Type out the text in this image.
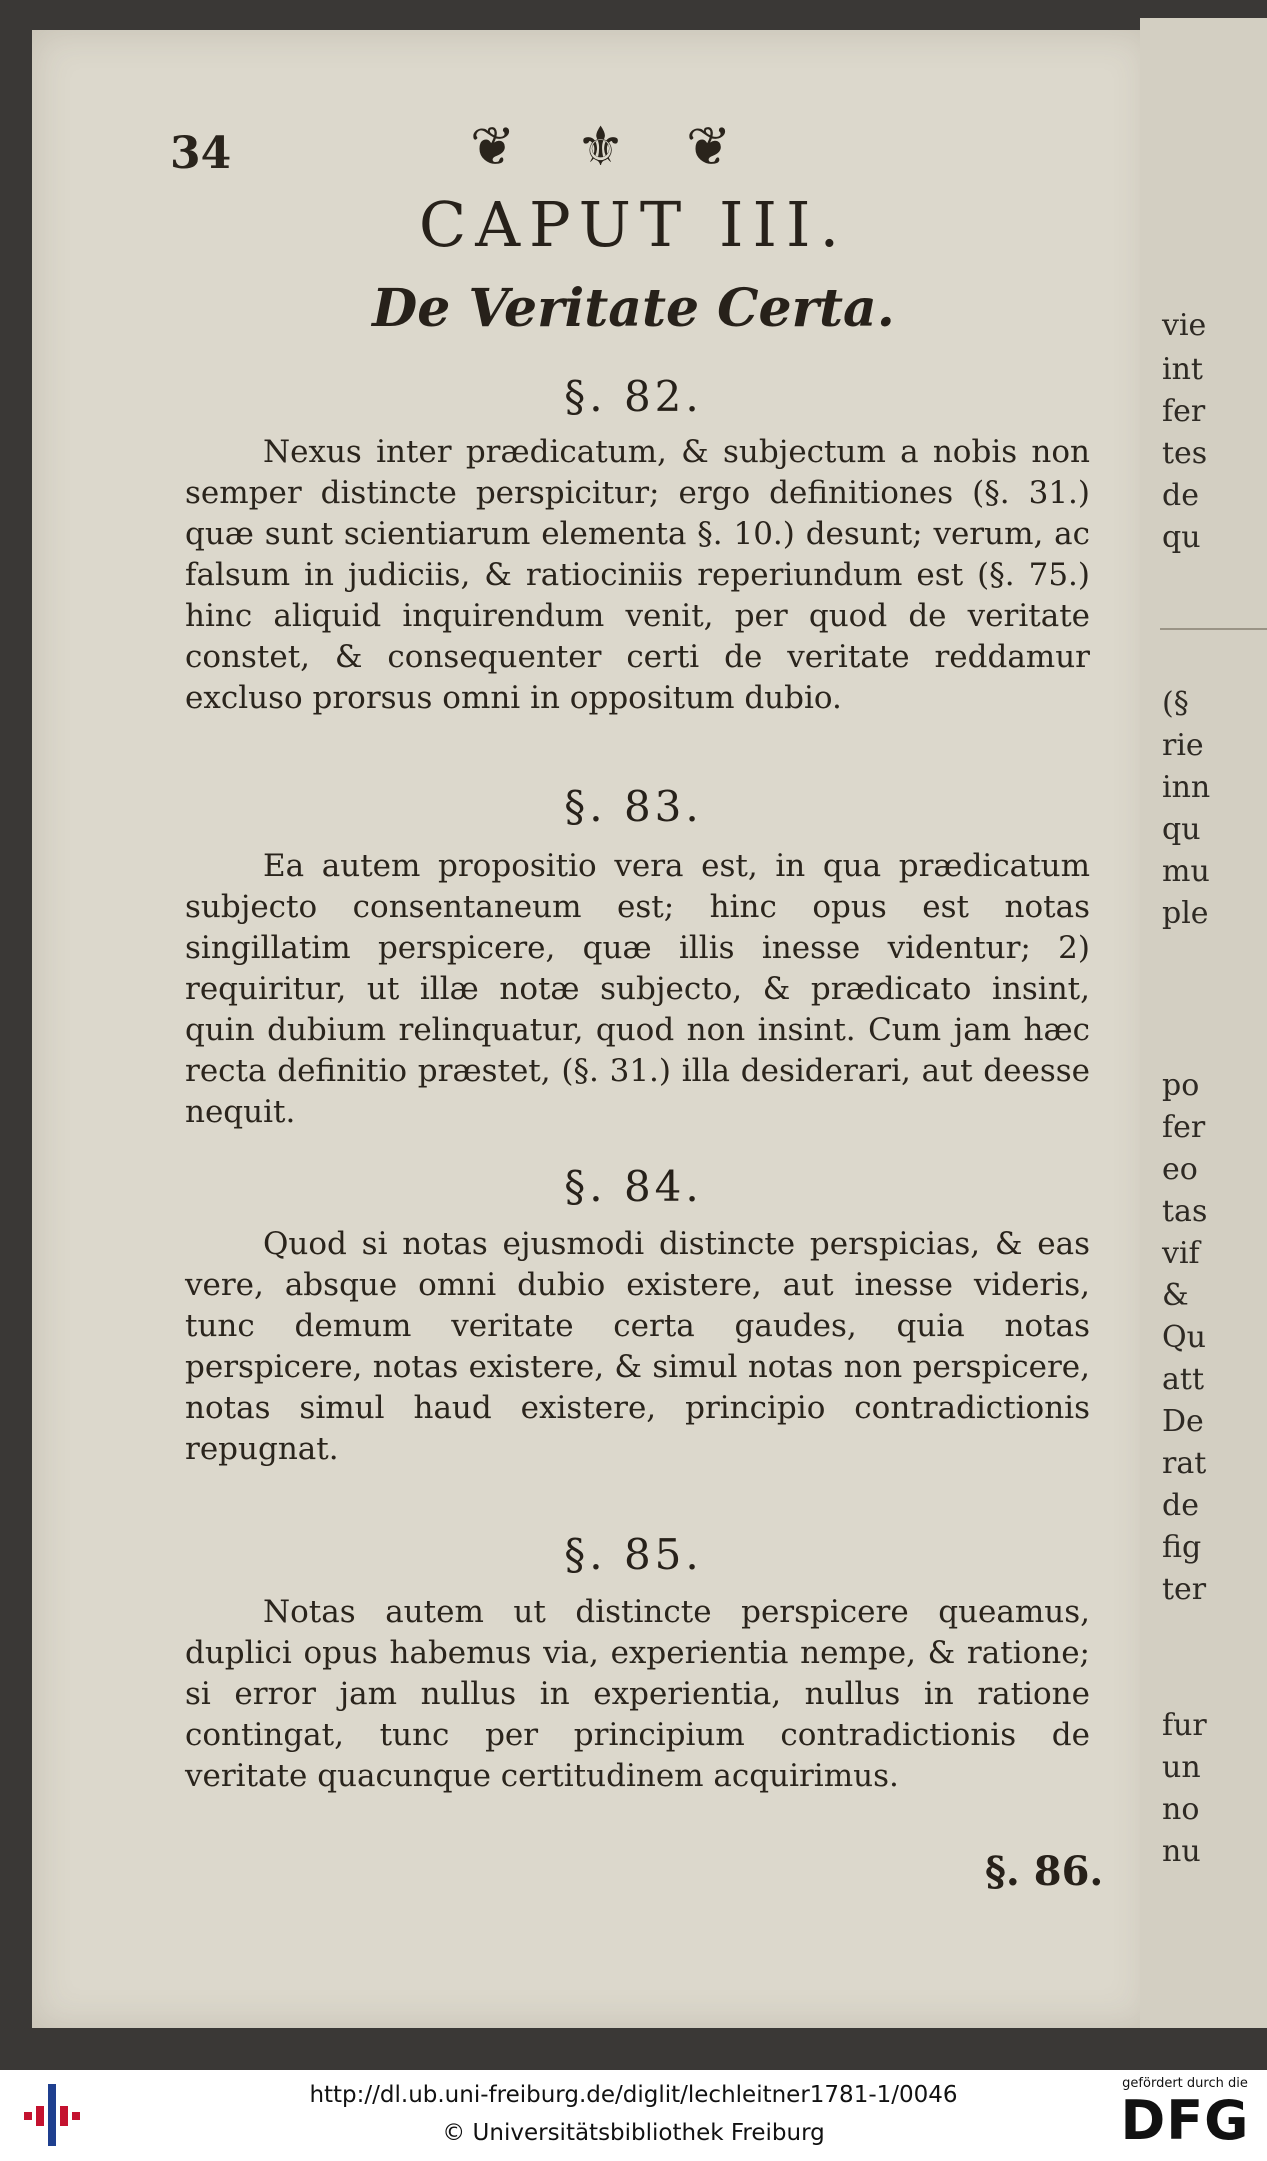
vie
int
fer
tes
de
qu
(§
rie
inn
qu
mu
ple
po
fer
eo
tas
vif
&
Qu
att
De
rat
de
fig
ter
fur
un
no
nu
34	❦ ⚜ ❦
CAPUT III.
De Veritate Certa.
§. 82.
Nexus inter prædicatum, & subjectum a nobis non semper distincte perspicitur; ergo definitiones (§. 31.) quæ sunt scientiarum elementa §. 10.) desunt; verum, ac falsum in judiciis, & ratiociniis reperiundum est (§. 75.) hinc aliquid inquirendum venit, per quod de veritate constet, & consequenter certi de veritate reddamur excluso prorsus omni in oppositum dubio.
§. 83.
Ea autem propositio vera est, in qua prædicatum subjecto consentaneum est; hinc opus est notas singillatim perspicere, quæ illis inesse videntur; 2) requiritur, ut illæ notæ subjecto, & prædicato insint, quin dubium relinquatur, quod non insint. Cum jam hæc recta definitio præstet, (§. 31.) illa desiderari, aut deesse nequit.
§. 84.
Quod si notas ejusmodi distincte perspicias, & eas vere, absque omni dubio existere, aut inesse videris, tunc demum veritate certa gaudes, quia notas perspicere, notas existere, & simul notas non perspicere, notas simul haud existere, principio contradictionis repugnat.
§. 85.
Notas autem ut distincte perspicere queamus, duplici opus habemus via, experientia nempe, & ratione; si error jam nullus in experientia, nullus in ratione contingat, tunc per principium contradictionis de veritate quacunque certitudinem acquirimus.
§. 86.
http://dl.ub.uni-freiburg.de/diglit/lechleitner1781-1/0046
© Universitätsbibliothek Freiburg
gefördert durch die
DFG
